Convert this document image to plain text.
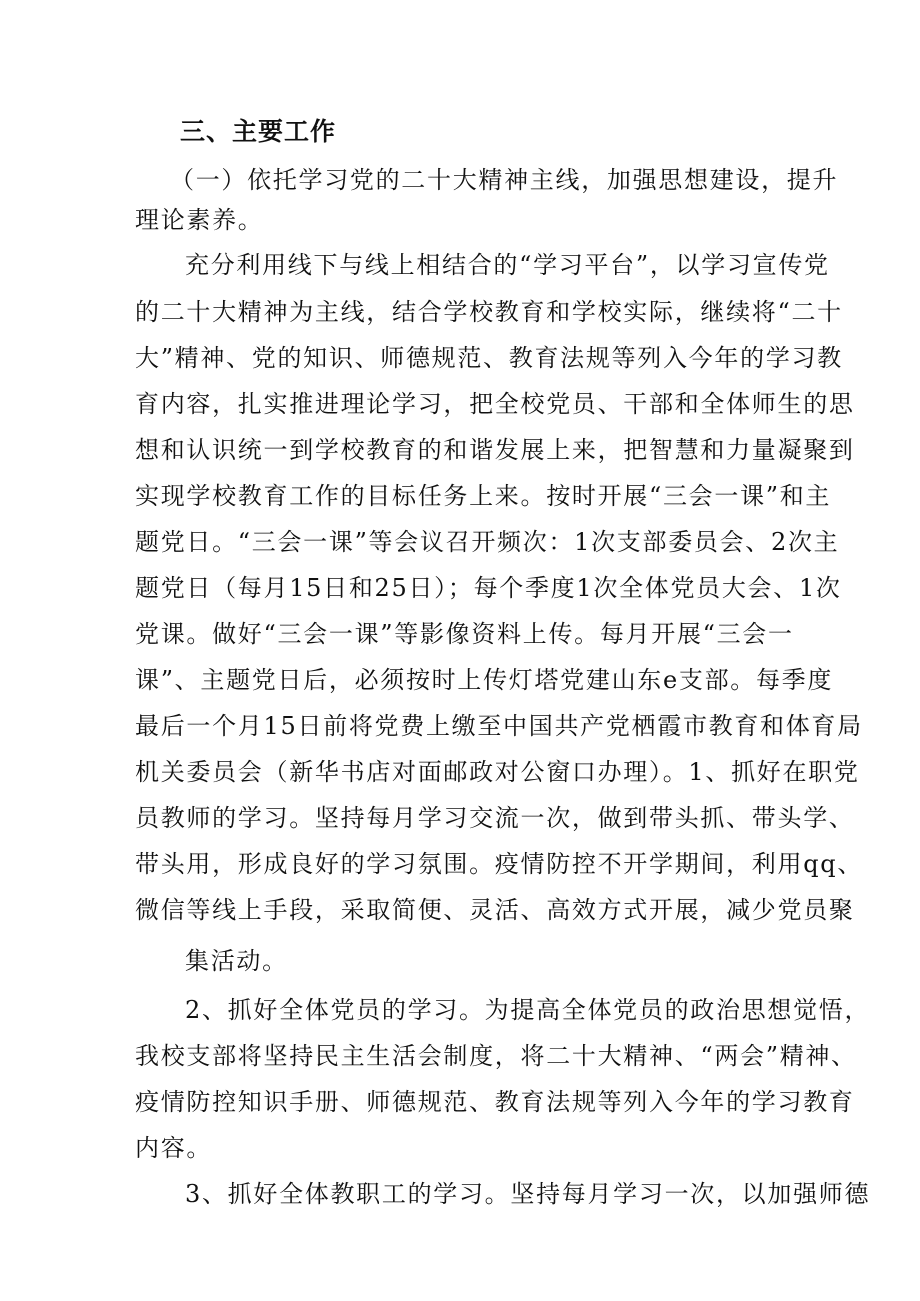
三、主要工作
（一）依托学习党的二十大精神主线，加强思想建设，提升
理论素养。
充分利用线下与线上相结合的“学习平台”，以学习宣传党
的二十大精神为主线，结合学校教育和学校实际，继续将“二十
大”精神、党的知识、师德规范、教育法规等列入今年的学习教
育内容，扎实推进理论学习，把全校党员、干部和全体师生的思
想和认识统一到学校教育的和谐发展上来，把智慧和力量凝聚到
实现学校教育工作的目标任务上来。按时开展“三会一课”和主
题党日。“三会一课”等会议召开频次：1次支部委员会、2次主
题党日（每月15日和25日）；每个季度1次全体党员大会、1次
党课。做好“三会一课”等影像资料上传。每月开展“三会一
课”、主题党日后，必须按时上传灯塔党建山东e支部。每季度
最后一个月15日前将党费上缴至中国共产党栖霞市教育和体育局
机关委员会（新华书店对面邮政对公窗口办理）。1、抓好在职党
员教师的学习。坚持每月学习交流一次，做到带头抓、带头学、
带头用，形成良好的学习氛围。疫情防控不开学期间，利用qq、
微信等线上手段，采取简便、灵活、高效方式开展，减少党员聚
集活动。
2、抓好全体党员的学习。为提高全体党员的政治思想觉悟，
我校支部将坚持民主生活会制度，将二十大精神、“两会”精神、
疫情防控知识手册、师德规范、教育法规等列入今年的学习教育
内容。
3、抓好全体教职工的学习。坚持每月学习一次，以加强师德
